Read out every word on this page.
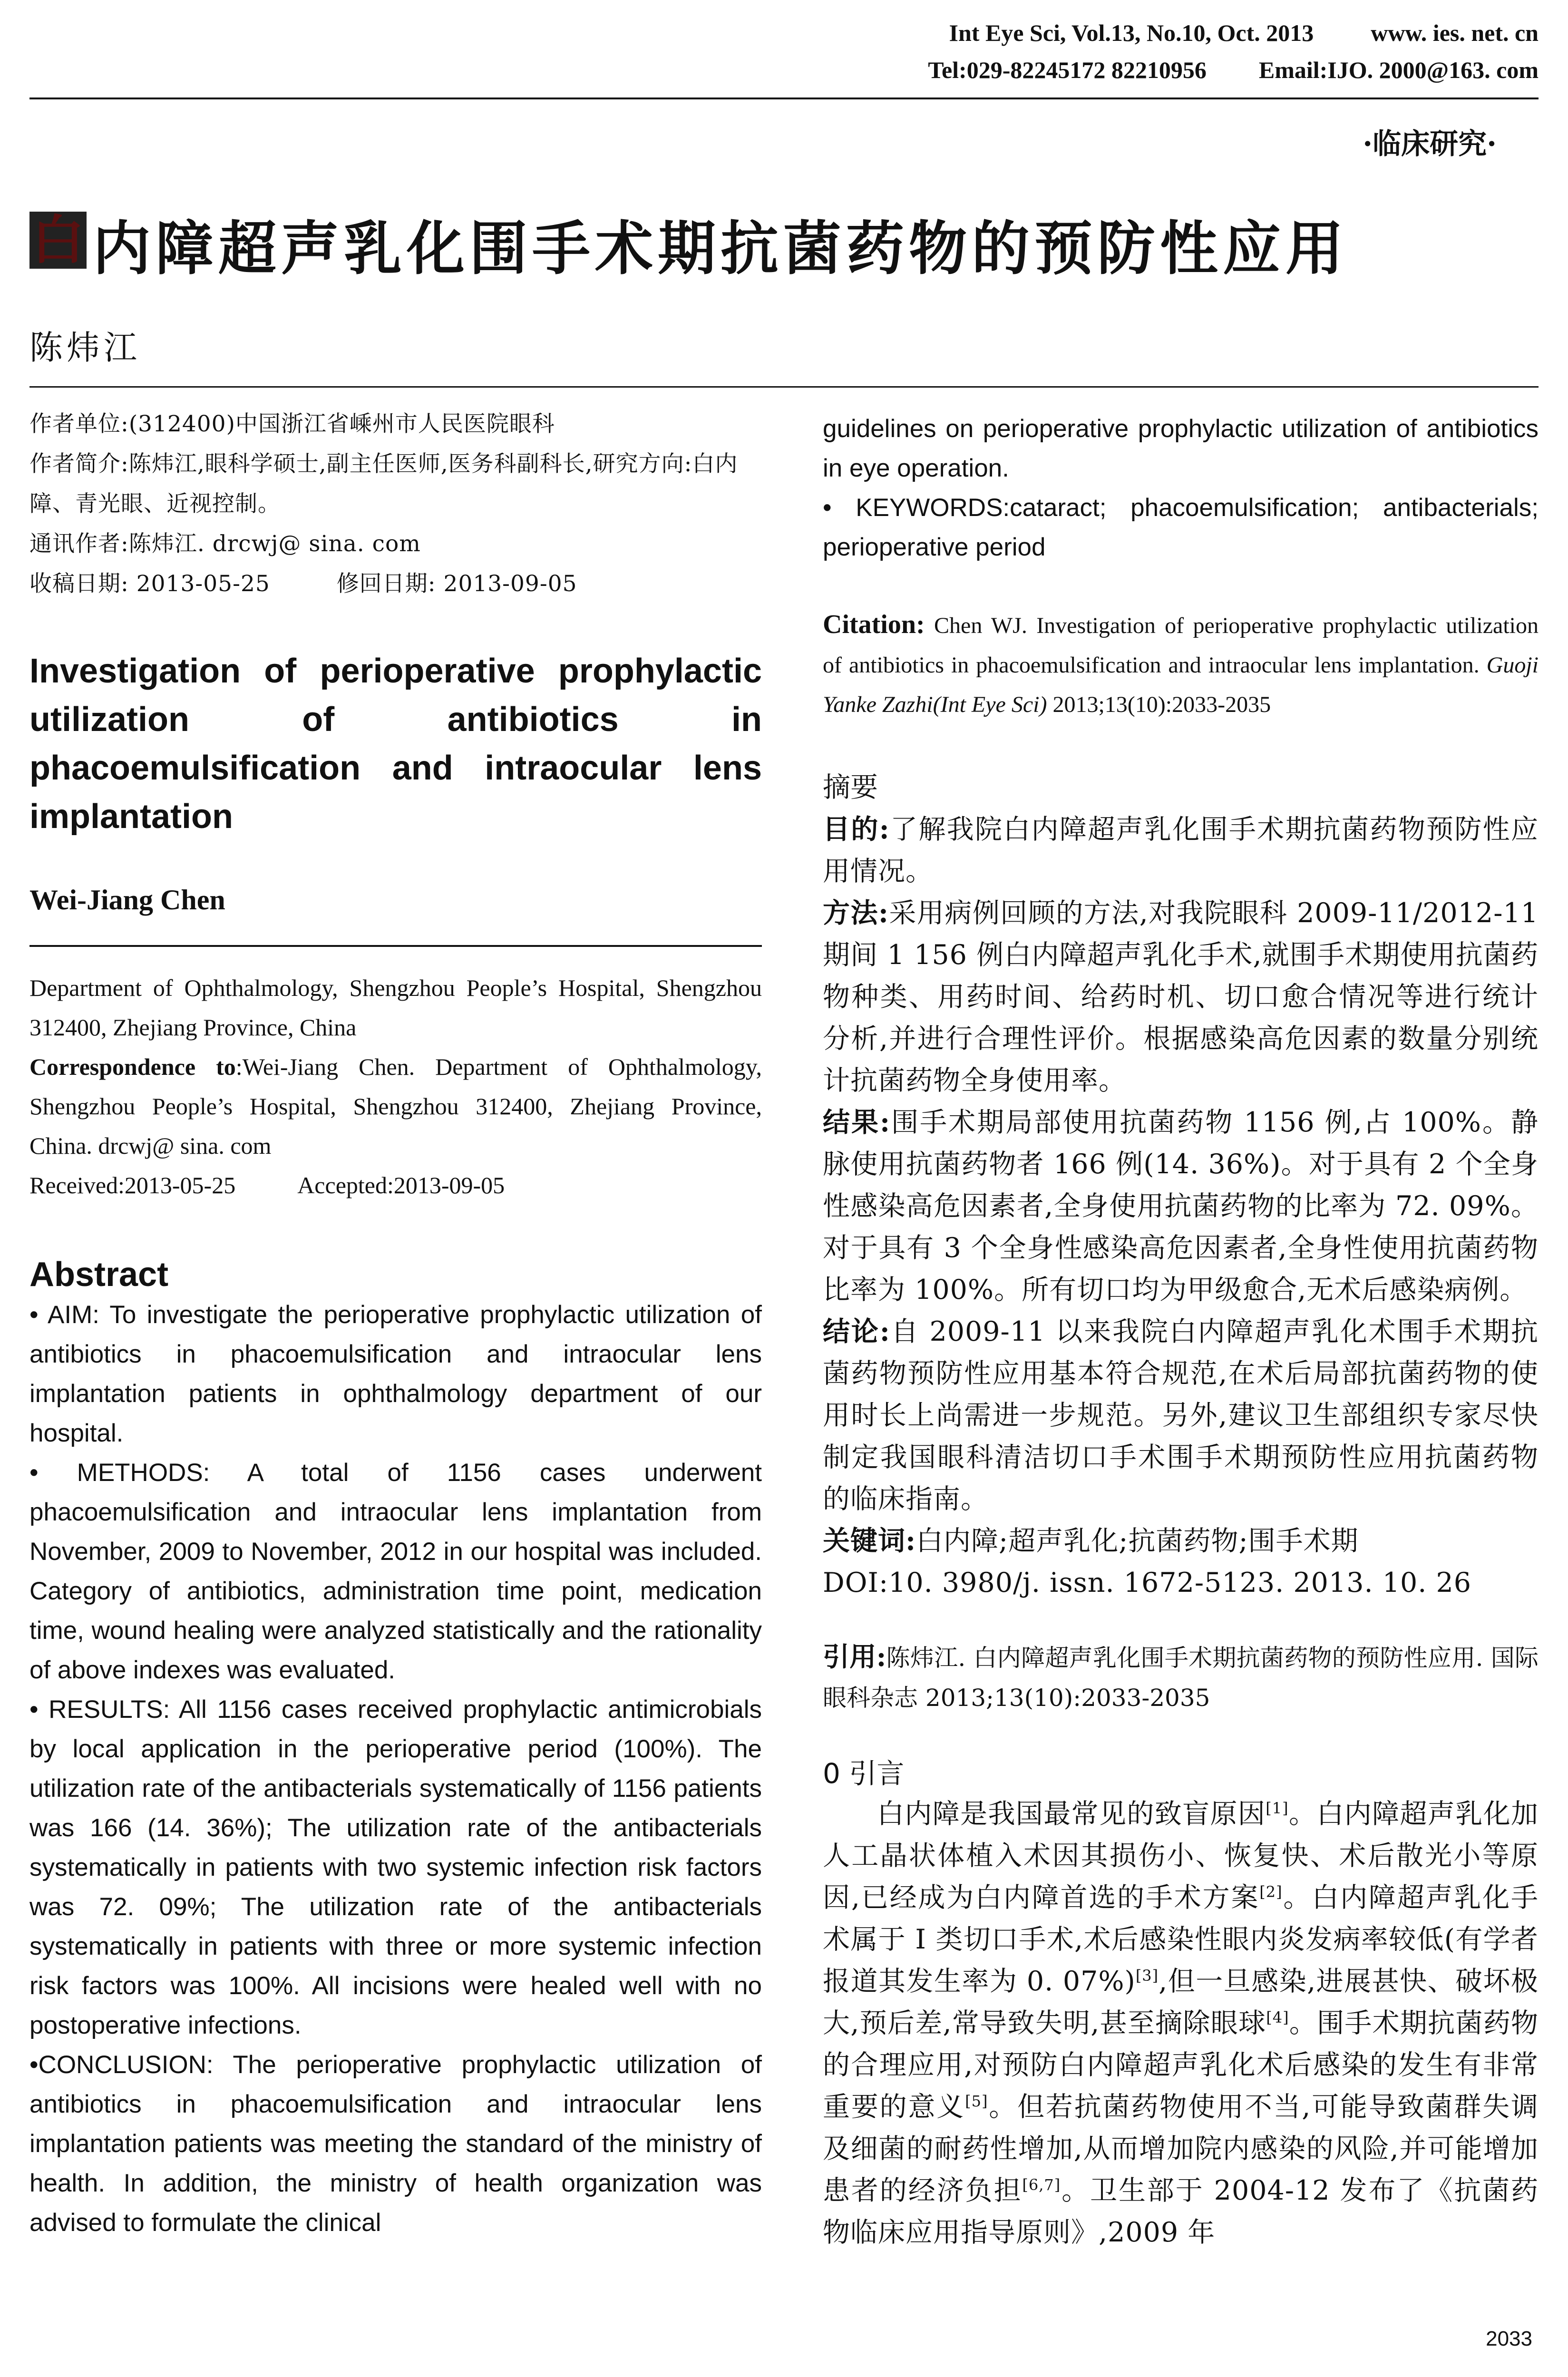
Int Eye Sci, Vol.13, No.10, Oct. 2013 www. ies. net. cn
Tel:029-82245172 82210956 Email:IJO. 2000@163. com
·临床研究·
白 内障超声乳化围手术期抗菌药物的预防性应用
陈炜江

作者单位:(312400)中国浙江省嵊州市人民医院眼科

作者简介:陈炜江,眼科学硕士,副主任医师,医务科副科长,研究方向:白内障、青光眼、近视控制。

通讯作者:陈炜江. drcwj@ sina. com

收稿日期: 2013-05-25	修回日期: 2013-09-05

Investigation of perioperative prophylactic utilization of antibiotics in phacoemulsification and intraocular lens implantation
Wei-Jiang Chen

Department of Ophthalmology, Shengzhou People’s Hospital, Shengzhou 312400, Zhejiang Province, China

Correspondence to:Wei-Jiang Chen. Department of Ophthalmology, Shengzhou People’s Hospital, Shengzhou 312400, Zhejiang Province, China. drcwj@ sina. com

Received:2013-05-25	Accepted:2013-09-05

Abstract

• AIM: To investigate the perioperative prophylactic utilization of antibiotics in phacoemulsification and intraocular lens implantation patients in ophthalmology department of our hospital.

• METHODS: A total of 1156 cases underwent phacoemulsification and intraocular lens implantation from November, 2009 to November, 2012 in our hospital was included. Category of antibiotics, administration time point, medication time, wound healing were analyzed statistically and the rationality of above indexes was evaluated.

• RESULTS: All 1156 cases received prophylactic antimicrobials by local application in the perioperative period (100%). The utilization rate of the antibacterials systematically of 1156 patients was 166 (14. 36%); The utilization rate of the antibacterials systematically in patients with two systemic infection risk factors was 72. 09%; The utilization rate of the antibacterials systematically in patients with three or more systemic infection risk factors was 100%. All incisions were healed well with no postoperative infections.

•CONCLUSION: The perioperative prophylactic utilization of antibiotics in phacoemulsification and intraocular lens implantation patients was meeting the standard of the ministry of health. In addition, the ministry of health organization was advised to formulate the clinical

guidelines on perioperative prophylactic utilization of antibiotics in eye operation.

• KEYWORDS:cataract; phacoemulsification; antibacterials; perioperative period

Citation: Chen WJ. Investigation of perioperative prophylactic utilization of antibiotics in phacoemulsification and intraocular lens implantation. Guoji Yanke Zazhi(Int Eye Sci) 2013;13(10):2033-2035
摘要

目的:了解我院白内障超声乳化围手术期抗菌药物预防性应用情况。

方法:采用病例回顾的方法,对我院眼科 2009-11/2012-11 期间 1 156 例白内障超声乳化手术,就围手术期使用抗菌药物种类、用药时间、给药时机、切口愈合情况等进行统计分析,并进行合理性评价。根据感染高危因素的数量分别统计抗菌药物全身使用率。

结果:围手术期局部使用抗菌药物 1156 例,占 100%。静脉使用抗菌药物者 166 例(14. 36%)。对于具有 2 个全身性感染高危因素者,全身使用抗菌药物的比率为 72. 09%。对于具有 3 个全身性感染高危因素者,全身性使用抗菌药物比率为 100%。所有切口均为甲级愈合,无术后感染病例。

结论:自 2009-11 以来我院白内障超声乳化术围手术期抗菌药物预防性应用基本符合规范,在术后局部抗菌药物的使用时长上尚需进一步规范。另外,建议卫生部组织专家尽快制定我国眼科清洁切口手术围手术期预防性应用抗菌药物的临床指南。

关键词:白内障;超声乳化;抗菌药物;围手术期

DOI:10. 3980/j. issn. 1672-5123. 2013. 10. 26

引用:陈炜江. 白内障超声乳化围手术期抗菌药物的预防性应用. 国际眼科杂志 2013;13(10):2033-2035
0 引言
白内障是我国最常见的致盲原因[1]。白内障超声乳化加人工晶状体植入术因其损伤小、恢复快、术后散光小等原因,已经成为白内障首选的手术方案[2]。白内障超声乳化手术属于 I 类切口手术,术后感染性眼内炎发病率较低(有学者报道其发生率为 0. 07%)[3],但一旦感染,进展甚快、破坏极大,预后差,常导致失明,甚至摘除眼球[4]。围手术期抗菌药物的合理应用,对预防白内障超声乳化术后感染的发生有非常重要的意义[5]。但若抗菌药物使用不当,可能导致菌群失调及细菌的耐药性增加,从而增加院内感染的风险,并可能增加患者的经济负担[6,7]。卫生部于 2004-12 发布了《抗菌药物临床应用指导原则》,2009 年
2033
